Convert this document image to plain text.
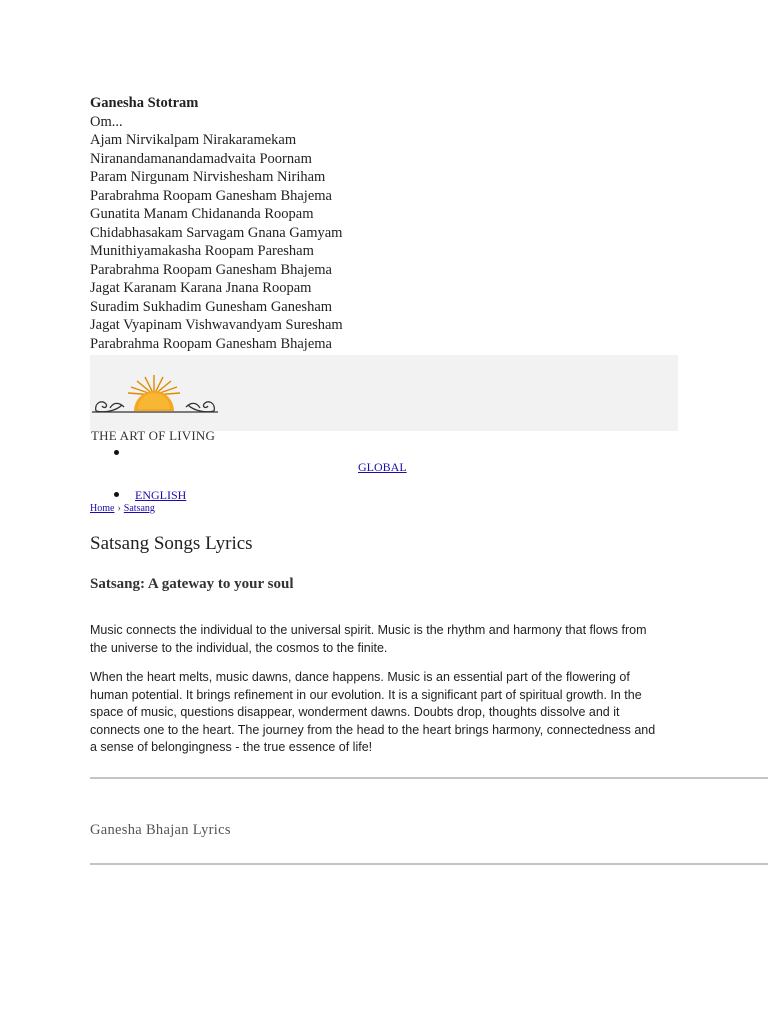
Ganesha Stotram
Om...
Ajam Nirvikalpam Nirakaramekam
Niranandamanandamadvaita Poornam
Param Nirgunam Nirvishesham Niriham
Parabrahma Roopam Ganesham Bhajema
Gunatita Manam Chidananda Roopam
Chidabhasakam Sarvagam Gnana Gamyam
Munithiyamakasha Roopam Paresham
Parabrahma Roopam Ganesham Bhajema
Jagat Karanam Karana Jnana Roopam
Suradim Sukhadim Gunesham Ganesham
Jagat Vyapinam Vishwavandyam Suresham
Parabrahma Roopam Ganesham Bhajema
THE ART OF LIVING
GLOBAL
ENGLISH
Home › Satsang
Satsang Songs Lyrics
Satsang: A gateway to your soul

Music connects the individual to the universal spirit. Music is the rhythm and harmony that flows from the universe to the individual, the cosmos to the finite.

When the heart melts, music dawns, dance happens. Music is an essential part of the flowering of human potential. It brings refinement in our evolution. It is a significant part of spiritual growth. In the space of music, questions disappear, wonderment dawns. Doubts drop, thoughts dissolve and it connects one to the heart. The journey from the head to the heart brings harmony, connectedness and a sense of belongingness - the true essence of life!

Ganesha Bhajan Lyrics
